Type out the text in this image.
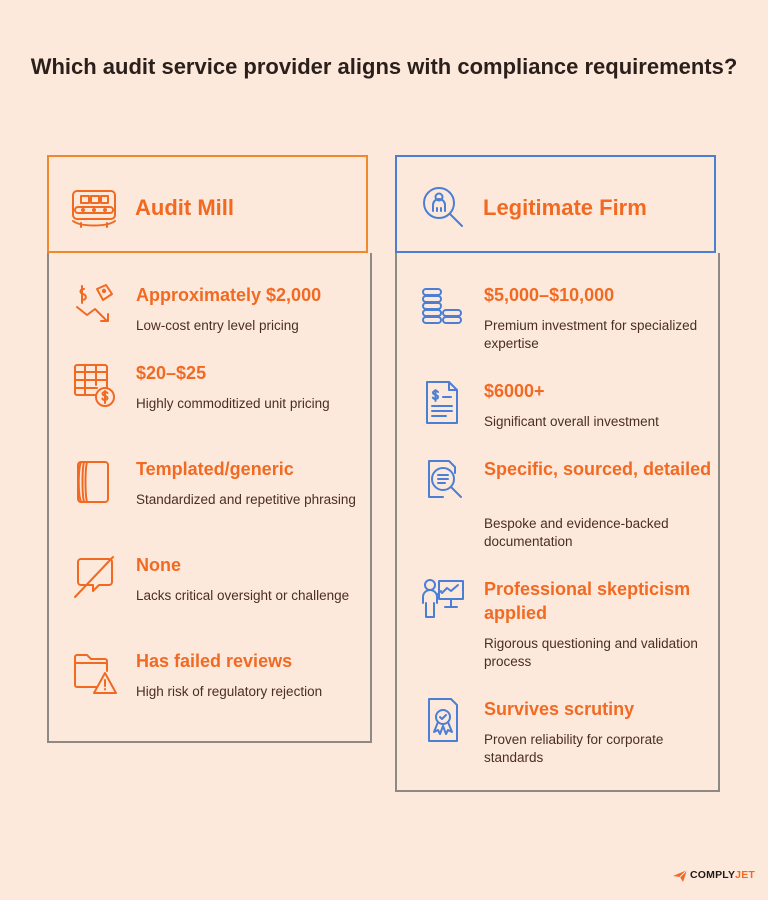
Which audit service provider aligns with compliance requirements?
Audit Mill
Approximately $2,000
Low-cost entry level pricing
$20–$25
Highly commoditized unit pricing
Templated/generic
Standardized and repetitive phrasing
None
Lacks critical oversight or challenge
Has failed reviews
High risk of regulatory rejection
Legitimate Firm
$5,000–$10,000
Premium investment for specialized expertise
$6000+
Significant overall investment
Specific, sourced, detailed
Bespoke and evidence-backed documentation
Professional skepticism applied
Rigorous questioning and validation process
Survives scrutiny
Proven reliability for corporate standards
COMPLYJET
